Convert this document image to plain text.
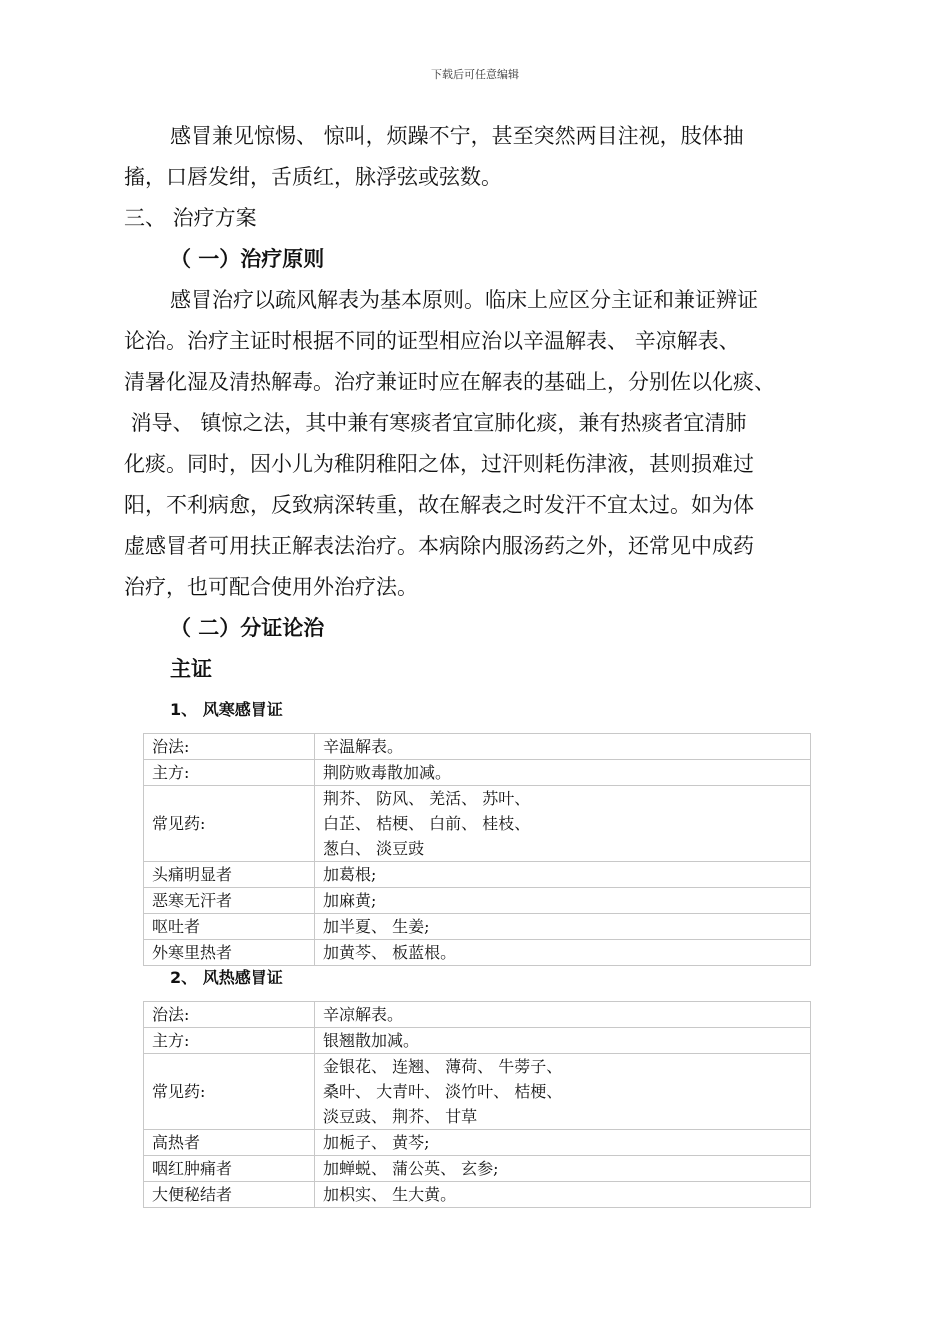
下载后可任意编辑
感冒兼见惊惕、 惊叫，烦躁不宁，甚至突然两目注视，肢体抽
搐，口唇发绀，舌质红，脉浮弦或弦数。
三、 治疗方案
（ 一）治疗原则
感冒治疗以疏风解表为基本原则。临床上应区分主证和兼证辨证
论治。治疗主证时根据不同的证型相应治以辛温解表、 辛凉解表、
清暑化湿及清热解毒。治疗兼证时应在解表的基础上，分别佐以化痰、
消导、 镇惊之法，其中兼有寒痰者宜宣肺化痰，兼有热痰者宜清肺
化痰。同时，因小儿为稚阴稚阳之体，过汗则耗伤津液，甚则损难过
阳，不利病愈，反致病深转重，故在解表之时发汗不宜太过。如为体
虚感冒者可用扶正解表法治疗。本病除内服汤药之外，还常见中成药
治疗，也可配合使用外治疗法。
（ 二）分证论治
主证
1、 风寒感冒证
治法:	辛温解表。

主方:	荆防败毒散加减。

常见药:	荆芥、 防风、 羌活、 苏叶、
白芷、 桔梗、 白前、 桂枝、
葱白、 淡豆豉

头痛明显者	加葛根;

恶寒无汗者	加麻黄;

呕吐者	加半夏、 生姜;

外寒里热者	加黄芩、 板蓝根。
2、 风热感冒证
治法:	辛凉解表。

主方:	银翘散加减。

常见药:	金银花、 连翘、 薄荷、 牛蒡子、
桑叶、 大青叶、 淡竹叶、 桔梗、
淡豆豉、 荆芥、 甘草

高热者	加栀子、 黄芩;

咽红肿痛者	加蝉蜕、 蒲公英、 玄参;

大便秘结者	加枳实、 生大黄。
